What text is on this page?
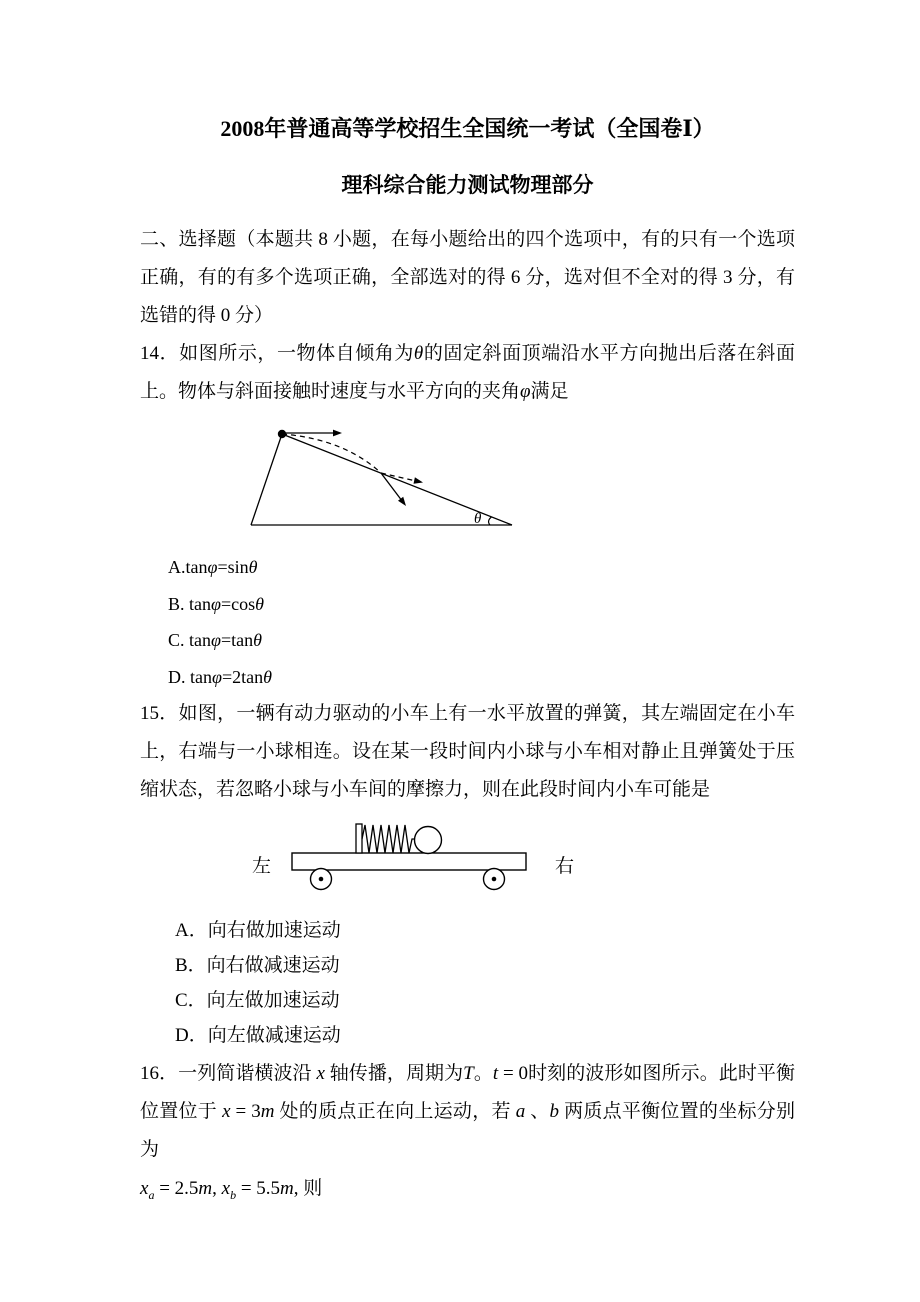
2008年普通高等学校招生全国统一考试（全国卷Ⅰ）
理科综合能力测试物理部分

二、选择题（本题共 8 小题，在每小题给出的四个选项中，有的只有一个选项正确，有的有多个选项正确，全部选对的得 6 分，选对但不全对的得 3 分，有选错的得 0 分）

14．如图所示，一物体自倾角为θ的固定斜面顶端沿水平方向抛出后落在斜面上。物体与斜面接触时速度与水平方向的夹角φ满足

θ

A.tanφ=sinθ

B. tanφ=cosθ

C. tanφ=tanθ

D. tanφ=2tanθ

15．如图，一辆有动力驱动的小车上有一水平放置的弹簧，其左端固定在小车上，右端与一小球相连。设在某一段时间内小球与小车相对静止且弹簧处于压缩状态，若忽略小球与小车间的摩擦力，则在此段时间内小车可能是

左	右

A．向右做加速运动

B．向右做减速运动

C．向左做加速运动

D．向左做减速运动

16．一列简谐横波沿 x 轴传播，周期为T。t = 0时刻的波形如图所示。此时平衡位置位于 x = 3m 处的质点正在向上运动，若 a 、b 两质点平衡位置的坐标分别为

$x_a = 2.5m$, $x_b = 5.5m$, 则
